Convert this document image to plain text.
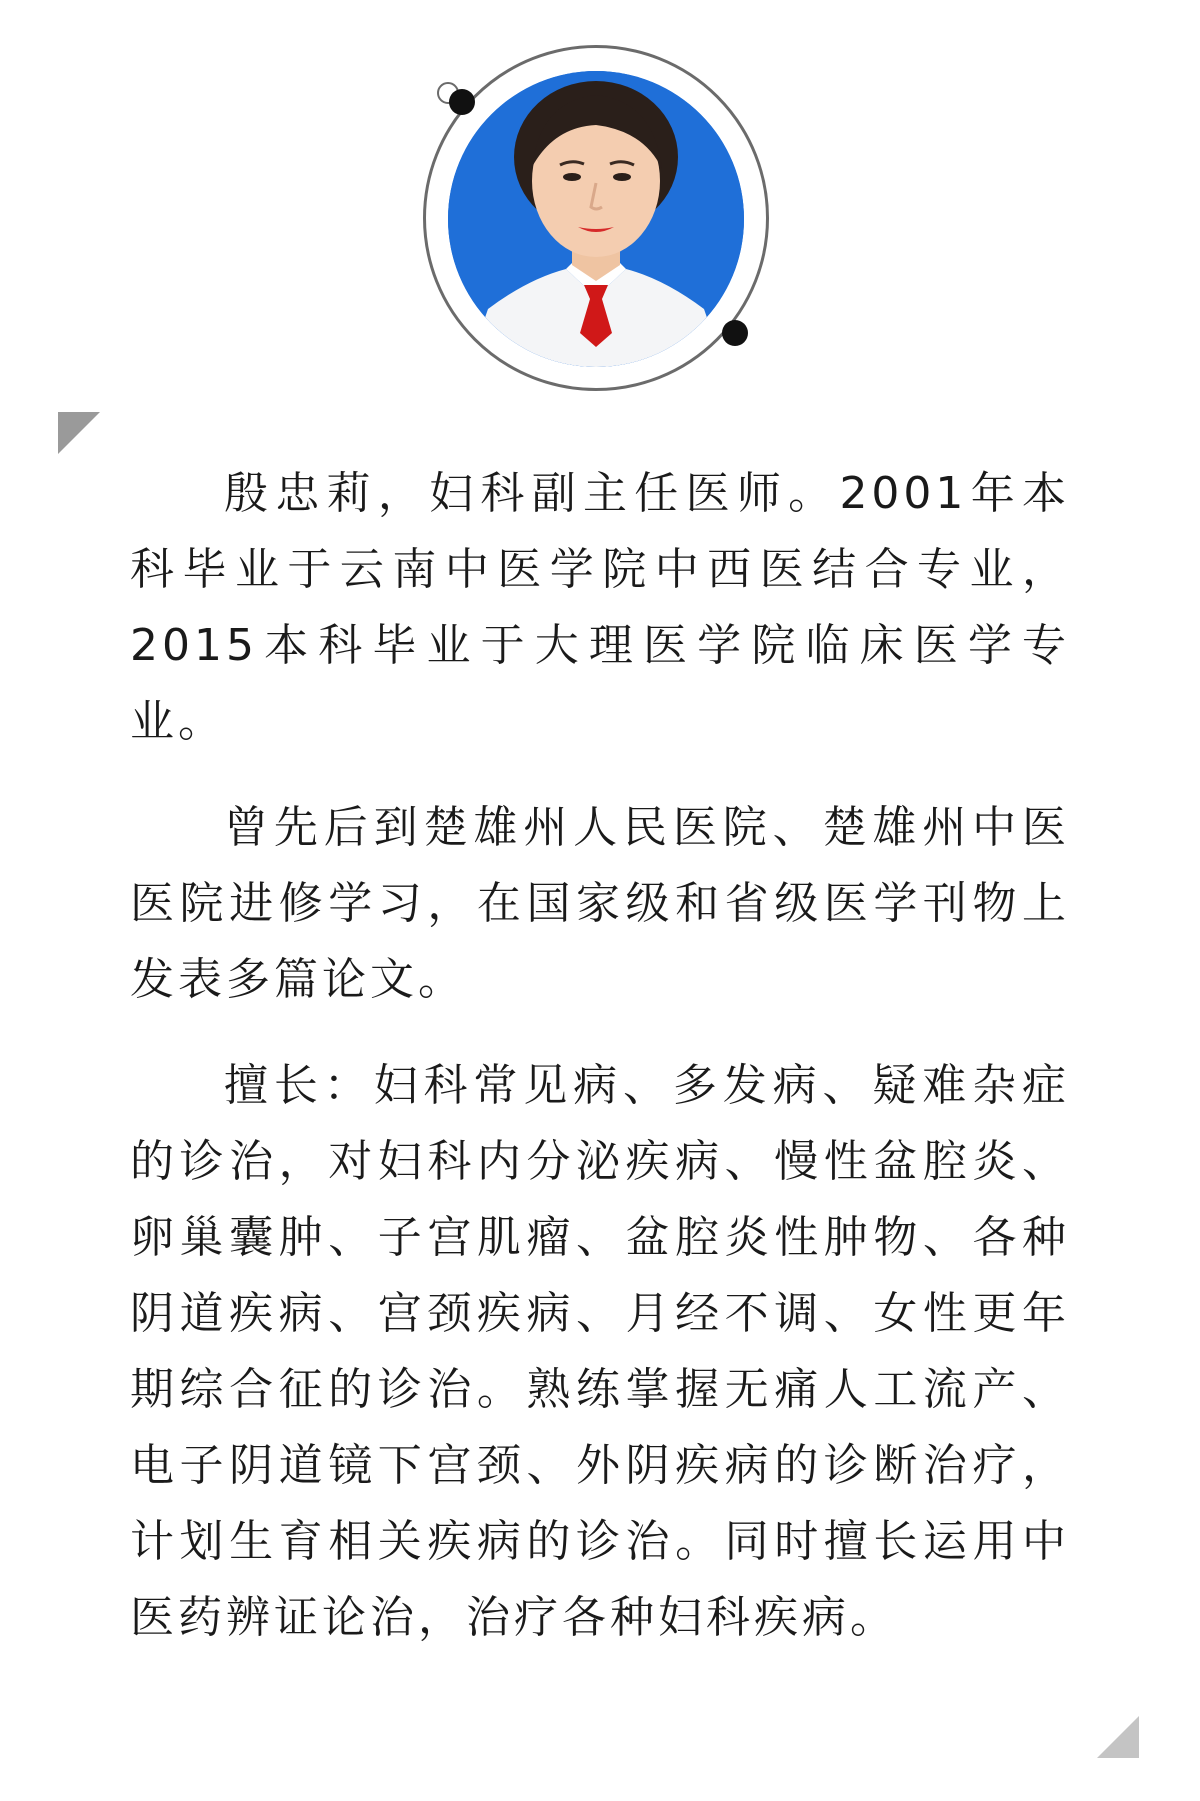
殷忠莉，妇科副主任医师。2001年本科毕业于云南中医学院中西医结合专业，2015本科毕业于大理医学院临床医学专业。

曾先后到楚雄州人民医院、楚雄州中医医院进修学习，在国家级和省级医学刊物上发表多篇论文。

擅长：妇科常见病、多发病、疑难杂症的诊治，对妇科内分泌疾病、慢性盆腔炎、卵巢囊肿、子宫肌瘤、盆腔炎性肿物、各种阴道疾病、宫颈疾病、月经不调、女性更年期综合征的诊治。熟练掌握无痛人工流产、电子阴道镜下宫颈、外阴疾病的诊断治疗，计划生育相关疾病的诊治。同时擅长运用中医药辨证论治，治疗各种妇科疾病。
